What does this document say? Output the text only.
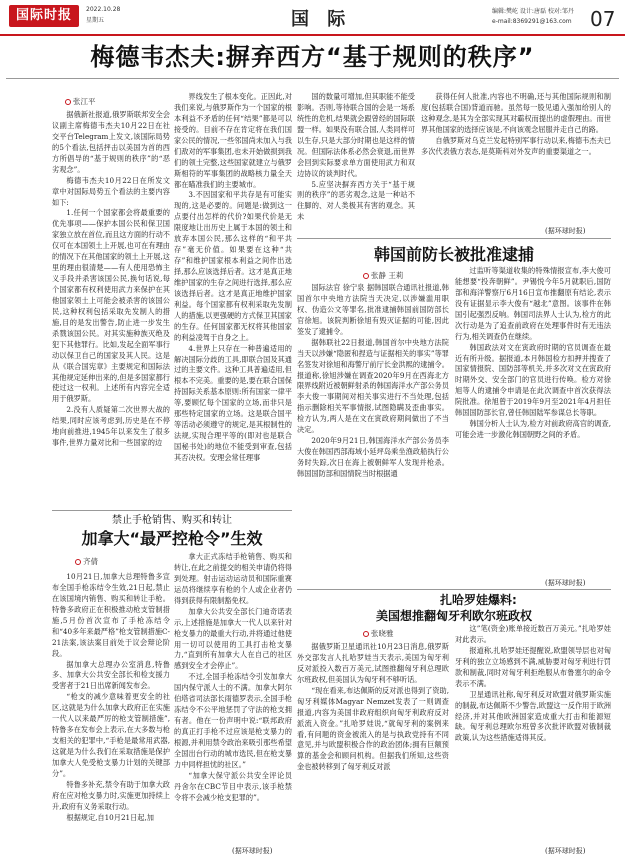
国际时报	2022.10.28
星期五	国 际	编辑:樊屹 设计:唐磊 校对:邹丹
e-mail:8369291@163.com 07
梅德韦杰夫:摒弃西方“基于规则的秩序”
张江平

据俄新社报道,俄罗斯联邦安全会议副主席梅德韦杰夫10月22日在社交平台Telegram上发文,该国际局势的5个看法,包括抨击以美国为首的西方所倡导的“基于规则的秩序”的“恶劣观念”。

梅德韦杰夫10月22日在所发文章中对国际局势五个看法的主要内容如下:

1.任何一个国家都会将最重要的优先事项——保护本国公民和保卫国家独立放在首位,而且这方面的行动不仅可在本国领土上开展,也可在有理由的情况下在其他国家的领土上开展,这里的理由很清楚——有人使用恐怖主义手段并杀害该国公民,换句话说,每个国家都有权利使用武力来保护在其他国家领土上可能会被杀害的该国公民,这种权利包括采取先发制人的措施,目的是发出警告,防止进一步发生杀戮该国公民。对其实施种族灭绝及犯下其他罪行。比如,发起全面军事行动以保卫自己的国家及其人民。这是从《联合国宪章》主要规定和国际法其他规定延伸出来的,但是多国家都行使过这一权利。上述所有内容完全适用于俄罗斯。

2.没有人质疑第二次世界大战的结果,同时应该考虑到,历史是在不停地向前推进,1945年以来发生了很多事件,世界力量对比和一些国家的边

界线发生了根本变化。正因此,对我们来说,与俄罗斯作为一个国家的根本利益不矛盾的任何“结果”都是可以接受的。目前不存在肯定将在我们国家公民的情况,一些邻国尚未加入与我们敌对的军事集团,也未开始做损到我们的领土完整,这些国家就建立与俄罗斯相符的军事集团的战略核力量全天都在瞄准我们的主要城市。

3.不因国家和平共存是有可能实现的,这是必要的。问题是:做到这一点要付出怎样的代价?如果代价是无限度地让出历史上属于本国的领土和放弃本国公民,那么这样的“和平共存”毫无价值。如果要在这种“共存”和维护国家根本利益之间作出选择,那么应该选择后者。这才是真正地维护国家的生存之间进行选择,那么应该选择后者。这才是真正地维护国家利益。每个国家都有权利采取先发制人的措施,以更强硬的方式保卫其国家的生存。任何国家都无权将其他国家的利益凌驾于自身之上。

4.世界上只存在一种普遍适用的解决国际分歧的工具,即联合国及其通过的主要文件。这种工具普遍适用,但根本不完美。重要的是,要在联合国保持国际关系基本原则:所有国家一律平等,要顾忆每个国家的立场,而非只是那些特定国家的立场。这是联合国平等活动必须遵守的规定,是其根制性的法规,实现合理平等的(即对也是联合国秘书处)的地位不能受到审查,包括其否决权。安理会常任理事

国的数量可增加,但其职能不能受影响。否则,等待联合国的会是一场系统性的危机,结果就会跟曾经的国际联盟一样。如果没有联合国,人类同样可以生存,只是大部分时期也是这样的情况。但国际法体系必然会衰退,而世界会回到实际要求单方面使用武力和双边协议的谈判时代。

5.应坚决摒弃西方关于“基于规则的秩序”的恶劣观念,这是一种站不住脚的、对人类极其有害的观念。其未

获得任何人批准,内容也不明确,还与其他国际规则和制度(包括联合国)背道而驰。虽然每一股见通入强加给别人的这种观念,是其为全部实现其对霸权而提出的虚假理由。而世界其他国家的选择应该是,不向该观念屈服并走自己的路。

自俄罗斯对乌克兰发起特别军事行动以来,梅德韦杰夫已多次代表俄方表态,是莫斯科对外发声的重要渠道之一。

(据环球时报)
韩国前防长被批准逮捕
张静 王莉

国际法官 徐宁泉 据韩国联合通讯社报道,韩国首尔中央地方法院当天决定,以涉嫌滥用职权、伪造公文等罪名,批准逮捕韩国前国防部长官徐旭。该院判断徐旭有毁灭证据的可能,因此签发了逮捕令。

据韩联社22日报道,韩国首尔中央地方法院当天以涉嫌“隐匿和捏造与证据相关的事实”等罪名签发对徐旭和海警厅前厅长金洪熙的逮捕令。报道称,徐旭涉嫌在调查2020年9月在西海北方限界线附近被朝鲜射杀的韩国海洋水产部公务员李大俊一事期间对相关事实进行不当处理,包括指示删除相关军事情报,试图隐瞒及歪曲事实。检方认为,两人是在文在寅政府期间做出了不当决定。

2020年9月21日,韩国海洋水产部公务员李大俊在韩国西部海域小延坪岛乘坐渔政船执行公务时失踪,次日在海上被朝鲜军人发现并枪杀。韩国国防部和国情院当时根据通

过监听等渠道收集的特殊情报宣布,李大俊可能想要“投奔朝鲜”。尹锡悦今年5月就职后,国防部和海洋警察厅6月16日宣布推翻原有结论,表示没有证据显示李大俊有“越北”意图。该事件在韩国引起强烈反响。韩国司法界人士认为,检方的此次行动是为了追查前政府在处理事件时有无违法行为,相关调查仍在继续。

韩国政法对文在寅政府时期的官员调查在最近有所升级。据报道,本月韩国检方扣押并搜查了国家情报院、国防部等机关,并多次对文在寅政府时期外交、安全部门的官员进行传唤。检方对徐旭等人的逮捕令申请是在此次调查中首次获得法院批准。徐旭曾于2019年9月至2021年4月担任韩国国防部长官,曾任韩国陆军参谋总长等职。

韩国分析人士认为,检方对前政府高官的调查,可能会进一步激化韩国朝野之间的矛盾。

(据环球时报)
禁止手枪销售、购买和转让
加拿大“最严控枪令”生效
齐倩

10月21日,加拿大总理特鲁多宣布全国手枪冻结令生效,21日起,禁止在该国境内销售、购买和转让手枪。特鲁多政府正在积极推动枪支管制措施,5月份首次宣布了手枪冻结令和“40多年来最严格”枪支管制措施C-21法案,该法案目前处于议会辩论阶段。

据加拿大总理办公室消息,特鲁多、加拿大公共安全部长和检支援力受害者于21日出席新闻发布会。

“枪支的减少意味着更安全的社区,这就是为什么加拿大政府正在实施一代人以来最严厉的枪支管制措施”,特鲁多在发布会上表示,在大多数与枪支相关的犯罪中,“手枪是最常用武器,这就是为什么我们在采取措施是保护加拿大人免受枪支暴力计划的关键部分”。

特鲁多补充,禁令有助于加拿大政府在应对枪支暴力时,实施更加持续上升,政府有义务采取行动。

根据规定,自10月21日起,加

拿大正式冻结手枪销售、购买和转让,在此之前提交的相关申请仍将得到处理。射击运动运动员和国际重赛运员将继续享有枪的个人或企业者仍得到获得有限制豁免权。

加拿大公共安全部长门迪奇诺表示,上述措施是加拿大一代人以来针对枪支暴力的最重大行动,并将通过他使用一切可以使用的工具打击枪支暴力,“直到所有加拿大人在自己的社区感到安全才会停止”。

不过,全国手枪冻结令引发加拿大国内保守派人士的不满。加拿大阿尔伯塔省司法部长雨德罗表示,全国手枪冻结令不公平地惩罚了守法的枪支拥有者。他在一份声明中说:“联邦政府的真正打手枪不过应该是枪支暴力的根源,并利用禁令政治来吸引那些希望全国出台行动的城市选民,但在枪支暴力中同样担忧的社区。”

“加拿大保守派公共安全评论员丹舍尔在CBC节目中表示,该手枪禁令将不会减少枪支犯罪的”。

(据环球时报)
扎哈罗娃爆料:
美国想推翻匈牙利欧尔班政权
张晓雅

据俄罗斯卫星通讯社10月23日消息,俄罗斯外交部发言人扎哈罗娃当天表示,美国为匈牙利反对派投入数百万美元,试图推翻匈牙利总理欧尔班政权,但美国认为匈牙利不够听话。

“现在看来,布达佩斯的反对派也得到了资助,匈牙利媒体Magyar Nemzet发表了一则调查报道,内容为美国非政府组织向匈牙利政府反对派流入资金。”扎哈罗娃说,“就匈牙利的案例来看,有问题的资金被流入的是与执政党持有不同意见,并与欧盟积极合作的政治团体;拥有巨额预算的基金会和顾问机构。但据我们所知,这些资金也被转移到了匈牙利反对派

这”笔(资金)账单接近数百万美元。”扎哈罗娃对此表示。

报道称,扎哈罗娃还提醒说,欧盟领导层也对匈牙利的独立立场感到不满,威胁要对匈牙利进行罚款和制裁,同时对匈牙利拒绝服从布鲁塞尔的命令表示不满。

卫星通讯社称,匈牙利反对欧盟对俄罗斯实施的制裁,布达佩斯不少警告,欧盟这一反作用于欧洲经济,并对其他欧洲国家造成重大打击和能源短缺。匈牙利总理欧尔班曾多次批评欧盟对俄制裁政策,认为这些措施适得其反。

(据环球时报)
